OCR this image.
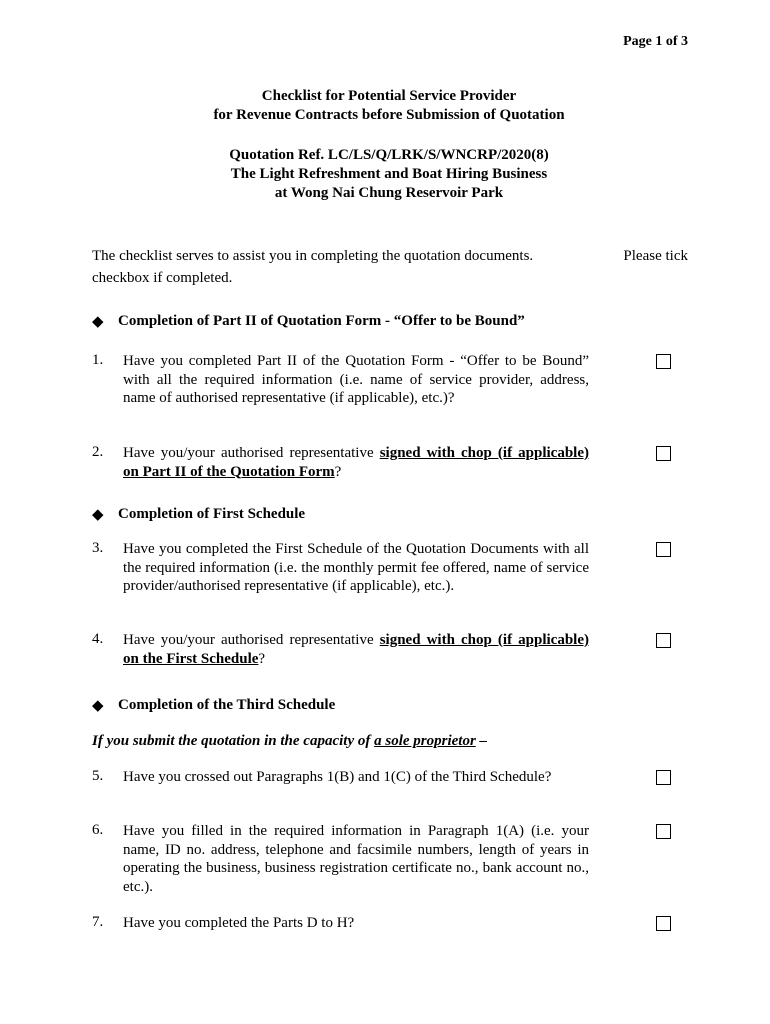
Page 1 of 3
Checklist for Potential Service Provider
for Revenue Contracts before Submission of Quotation
Quotation Ref. LC/LS/Q/LRK/S/WNCRP/2020(8)
The Light Refreshment and Boat Hiring Business
at Wong Nai Chung Reservoir Park
Please tick
The checklist serves to assist you in completing the quotation documents.
checkbox if completed.
◆ Completion of Part II of Quotation Form - “Offer to be Bound”
1.	Have you completed Part II of the Quotation Form - “Offer to be Bound” with all the required information (i.e. name of service provider, address, name of authorised representative (if applicable), etc.)?
2.	Have you/your authorised representative signed with chop (if applicable) on Part II of the Quotation Form?
◆ Completion of First Schedule
3.	Have you completed the First Schedule of the Quotation Documents with all the required information (i.e. the monthly permit fee offered, name of service provider/authorised representative (if applicable), etc.).
4.	Have you/your authorised representative signed with chop (if applicable) on the First Schedule?
◆ Completion of the Third Schedule
If you submit the quotation in the capacity of a sole proprietor –
5.	Have you crossed out Paragraphs 1(B) and 1(C) of the Third Schedule?
6.	Have you filled in the required information in Paragraph 1(A) (i.e. your name, ID no. address, telephone and facsimile numbers, length of years in operating the business, business registration certificate no., bank account no., etc.).
7.	Have you completed the Parts D to H?
